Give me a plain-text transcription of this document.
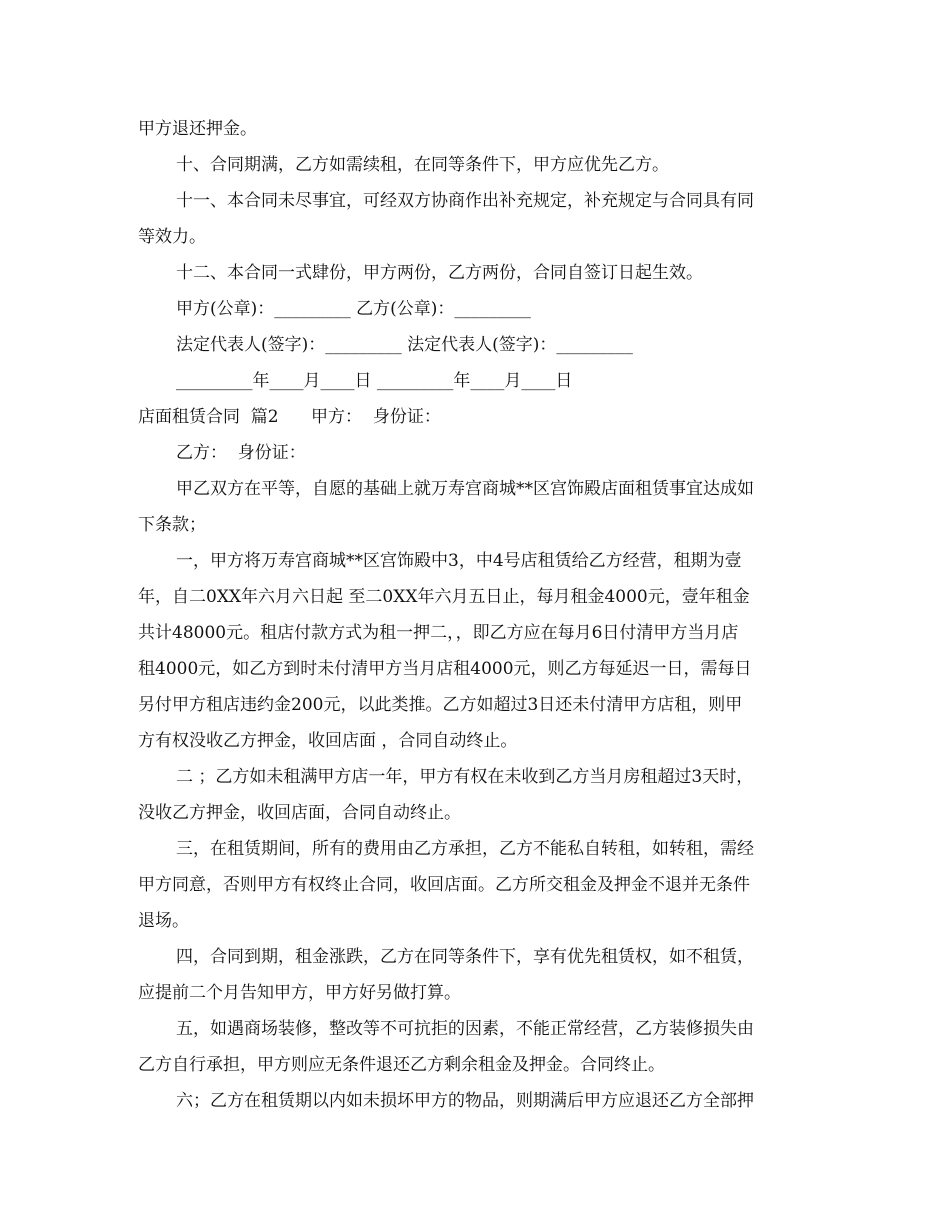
甲方退还押金。
十、合同期满，乙方如需续租，在同等条件下，甲方应优先乙方。
十一、本合同未尽事宜，可经双方协商作出补充规定，补充规定与合同具有同
等效力。
十二、本合同一式肆份，甲方两份，乙方两份，合同自签订日起生效。
甲方(公章)：_________ 乙方(公章)：_________
法定代表人(签字)：_________ 法定代表人(签字)：_________
_________年____月____日 _________年____月____日
店面租赁合同  篇2      甲方：  身份证：
乙方：  身份证：
甲乙双方在平等，自愿的基础上就万寿宫商城**区宫饰殿店面租赁事宜达成如
下条款；
一，甲方将万寿宫商城**区宫饰殿中3，中4号店租赁给乙方经营，租期为壹
年，自二0XX年六月六日起 至二0XX年六月五日止，每月租金4000元，壹年租金
共计48000元。租店付款方式为租一押二，，即乙方应在每月6日付清甲方当月店
租4000元，如乙方到时未付清甲方当月店租4000元，则乙方每延迟一日，需每日
另付甲方租店违约金200元，以此类推。乙方如超过3日还未付清甲方店租，则甲
方有权没收乙方押金，收回店面 ，合同自动终止。
二 ；乙方如未租满甲方店一年，甲方有权在未收到乙方当月房租超过3天时，
没收乙方押金，收回店面，合同自动终止。
三，在租赁期间，所有的费用由乙方承担，乙方不能私自转租，如转租，需经
甲方同意，否则甲方有权终止合同，收回店面。乙方所交租金及押金不退并无条件
退场。
四，合同到期，租金涨跌，乙方在同等条件下，享有优先租赁权，如不租赁，
应提前二个月告知甲方，甲方好另做打算。
五，如遇商场装修，整改等不可抗拒的因素，不能正常经营，乙方装修损失由
乙方自行承担，甲方则应无条件退还乙方剩余租金及押金。合同终止。
六；乙方在租赁期以内如未损坏甲方的物品，则期满后甲方应退还乙方全部押
